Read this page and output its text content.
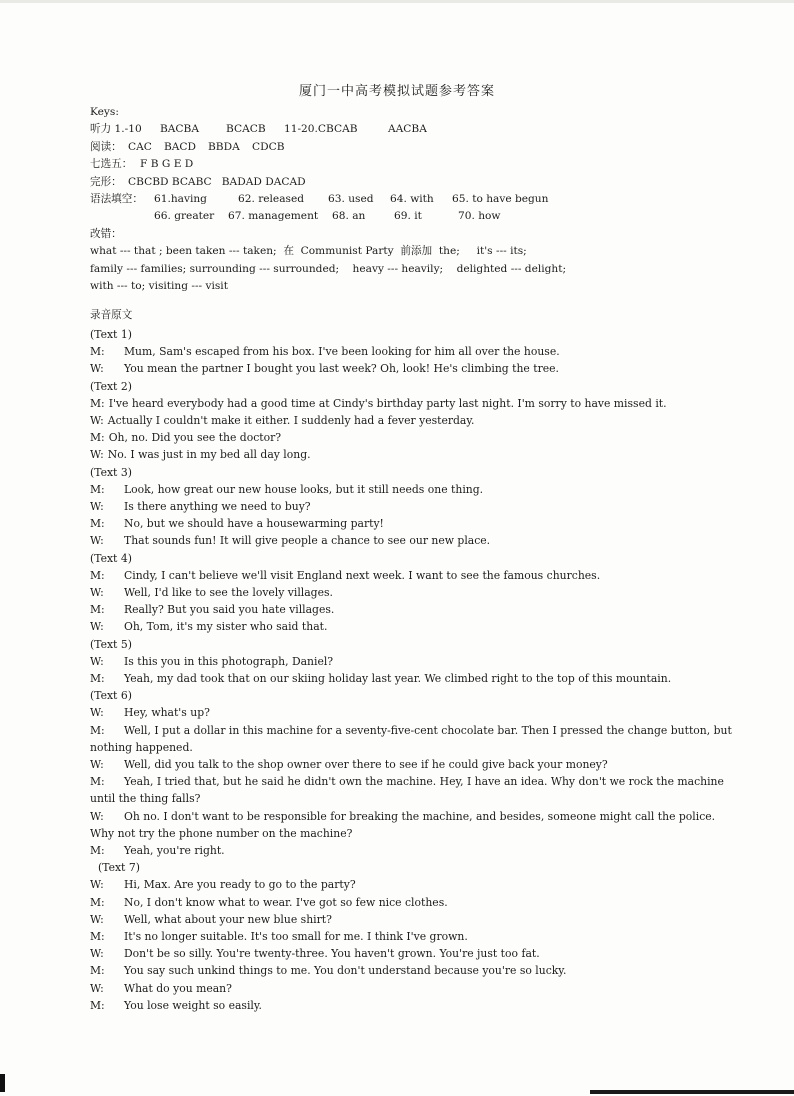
厦门一中高考模拟试题参考答案
Keys:
听力 1.-10 BACBA	BCACB 11-20.CBCAB	AACBA
阅读： CAC BACD BBDA CDCB
七选五： F B G E D
完形： CBCBD BCABC   BADAD DACAD
语法填空： 61.having	62. released 63. used 64. with 65. to have begun
66. greater 67. management 68. an	69. it	70. how
改错：
what --- that ; been taken --- taken;  在  Communist Party  前添加  the;     it's --- its;
family --- families; surrounding --- surrounded;    heavy --- heavily;    delighted --- delight;
with --- to; visiting --- visit
录音原文
(Text 1)
M:	Mum, Sam's escaped from his box. I've been looking for him all over the house.
W:	You mean the partner I bought you last week? Oh, look! He's climbing the tree.
(Text 2)
M: I've heard everybody had a good time at Cindy's birthday party last night. I'm sorry to have missed it.
W: Actually I couldn't make it either. I suddenly had a fever yesterday.
M: Oh, no. Did you see the doctor?
W: No. I was just in my bed all day long.
(Text 3)
M:	Look, how great our new house looks, but it still needs one thing.
W:	Is there anything we need to buy?
M:	No, but we should have a housewarming party!
W:	That sounds fun! It will give people a chance to see our new place.
(Text 4)
M:	Cindy, I can't believe we'll visit England next week. I want to see the famous churches.
W:	Well, I'd like to see the lovely villages.
M:	Really? But you said you hate villages.
W:	Oh, Tom, it's my sister who said that.
(Text 5)
W:	Is this you in this photograph, Daniel?
M:	Yeah, my dad took that on our skiing holiday last year. We climbed right to the top of this mountain.
(Text 6)
W:	Hey, what's up?
M:	Well, I put a dollar in this machine for a seventy-five-cent chocolate bar. Then I pressed the change button, but
nothing happened.
W:	Well, did you talk to the shop owner over there to see if he could give back your money?
M:	Yeah, I tried that, but he said he didn't own the machine. Hey, I have an idea. Why don't we rock the machine
until the thing falls?
W:	Oh no. I don't want to be responsible for breaking the machine, and besides, someone might call the police.
Why not try the phone number on the machine?
M:	Yeah, you're right.
(Text 7)
W:	Hi, Max. Are you ready to go to the party?
M:	No, I don't know what to wear. I've got so few nice clothes.
W:	Well, what about your new blue shirt?
M:	It's no longer suitable. It's too small for me. I think I've grown.
W:	Don't be so silly. You're twenty-three. You haven't grown. You're just too fat.
M:	You say such unkind things to me. You don't understand because you're so lucky.
W:	What do you mean?
M:	You lose weight so easily.
